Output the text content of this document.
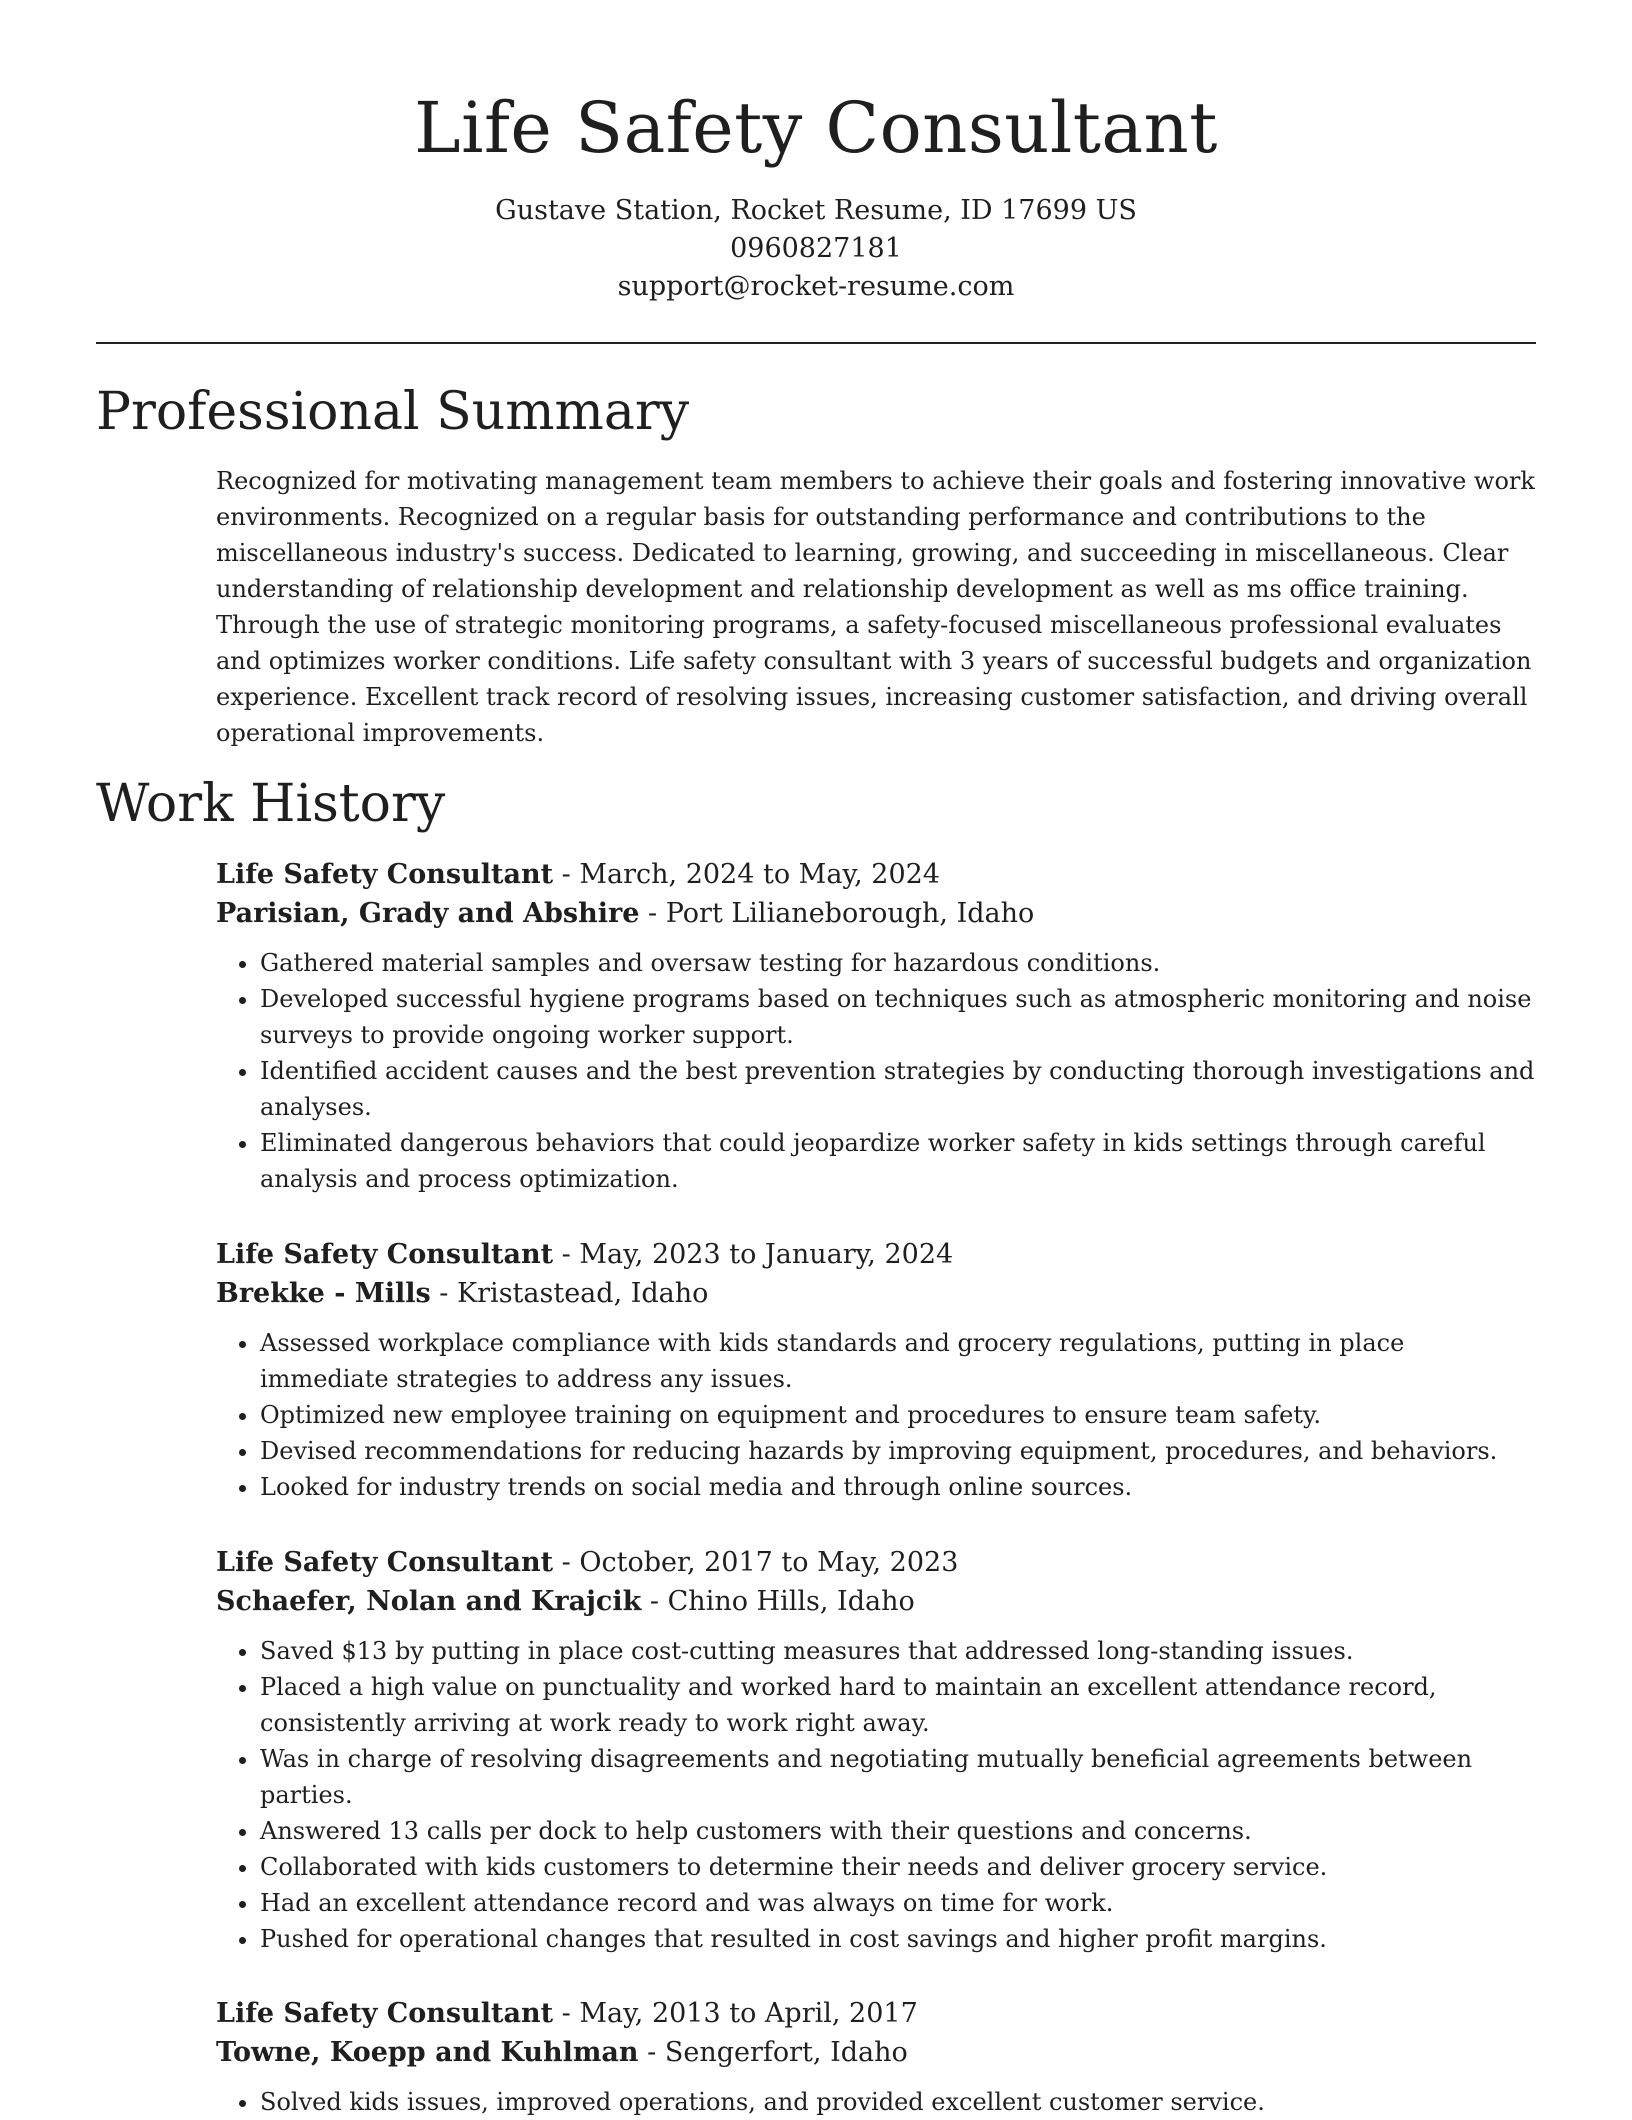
Life Safety Consultant

Gustave Station, Rocket Resume, ID 17699 US

0960827181

support@rocket-resume.com

Professional Summary

Recognized for motivating management team members to achieve their goals and fostering innovative work environments. Recognized on a regular basis for outstanding performance and contributions to the miscellaneous industry's success. Dedicated to learning, growing, and succeeding in miscellaneous. Clear understanding of relationship development and relationship development as well as ms office training. Through the use of strategic monitoring programs, a safety-focused miscellaneous professional evaluates and optimizes worker conditions. Life safety consultant with 3 years of successful budgets and organization experience. Excellent track record of resolving issues, increasing customer satisfaction, and driving overall operational improvements.

Work History

Life Safety Consultant - March, 2024 to May, 2024

Parisian, Grady and Abshire - Port Lilianeborough, Idaho

• Gathered material samples and oversaw testing for hazardous conditions.
• Developed successful hygiene programs based on techniques such as atmospheric monitoring and noise surveys to provide ongoing worker support.
• Identified accident causes and the best prevention strategies by conducting thorough investigations and analyses.
• Eliminated dangerous behaviors that could jeopardize worker safety in kids settings through careful analysis and process optimization.

Life Safety Consultant - May, 2023 to January, 2024

Brekke - Mills - Kristastead, Idaho

• Assessed workplace compliance with kids standards and grocery regulations, putting in place immediate strategies to address any issues.
• Optimized new employee training on equipment and procedures to ensure team safety.
• Devised recommendations for reducing hazards by improving equipment, procedures, and behaviors.
• Looked for industry trends on social media and through online sources.

Life Safety Consultant - October, 2017 to May, 2023

Schaefer, Nolan and Krajcik - Chino Hills, Idaho

• Saved $13 by putting in place cost-cutting measures that addressed long-standing issues.
• Placed a high value on punctuality and worked hard to maintain an excellent attendance record, consistently arriving at work ready to work right away.
• Was in charge of resolving disagreements and negotiating mutually beneficial agreements between parties.
• Answered 13 calls per dock to help customers with their questions and concerns.
• Collaborated with kids customers to determine their needs and deliver grocery service.
• Had an excellent attendance record and was always on time for work.
• Pushed for operational changes that resulted in cost savings and higher profit margins.

Life Safety Consultant - May, 2013 to April, 2017

Towne, Koepp and Kuhlman - Sengerfort, Idaho

• Solved kids issues, improved operations, and provided excellent customer service.
